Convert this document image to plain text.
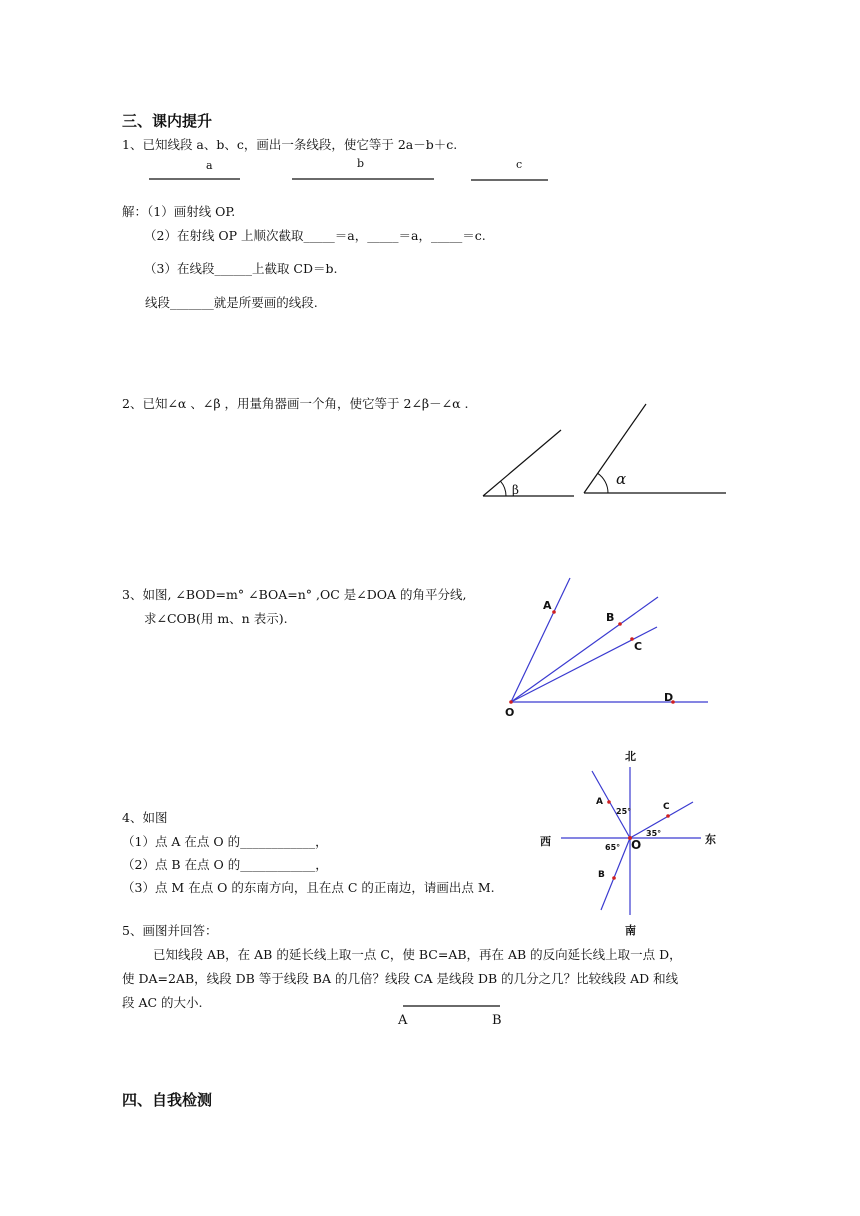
三、课内提升
1、已知线段 a、b、c，画出一条线段，使它等于 2a－b＋c.
a	b	c
解：（1）画射线 OP.
（2）在射线 OP 上顺次截取_____＝a，_____＝a，_____＝c.
（3）在线段______上截取 CD＝b.
线段_______就是所要画的线段.
2、已知∠α 、∠β ，用量角器画一个角，使它等于 2∠β－∠α .
β
α
3、如图, ∠BOD=m° ∠BOA=n° ,OC 是∠DOA 的角平分线,
求∠COB(用 m、n 表示).
A
B
C
D
O
4、如图
（1）点 A 在点 O 的____________，
（2）点 B 在点 O 的____________，
（3）点 M 在点 O 的东南方向，且在点 C 的正南边，请画出点 M.
北
南
东
西
25°
35°
65°
A	C
B
O
5、画图并回答：
已知线段 AB，在 AB 的延长线上取一点 C，使 BC=AB，再在 AB 的反向延长线上取一点 D，
使 DA=2AB，线段 DB 等于线段 BA 的几倍？线段 CA 是线段 DB 的几分之几？比较线段 AD 和线
段 AC 的大小.
A	B
四、自我检测
